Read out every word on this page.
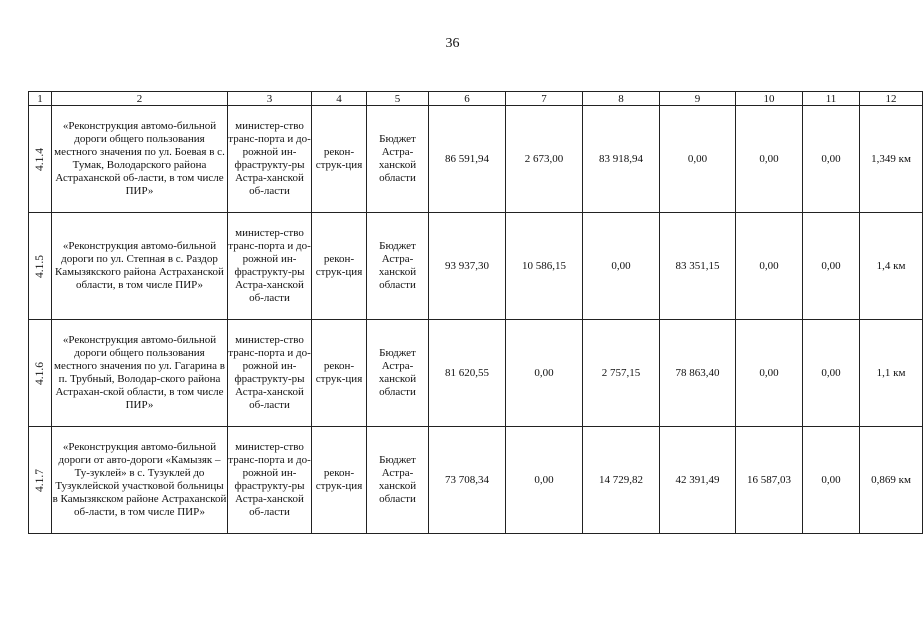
36
1	2	3	4	5	6	7	8	9	10	11	12
4.1.4	«Реконструкция автомо-бильной дороги общего пользования местного значения по ул. Боевая в с. Тумак, Володарского района Астраханской об-ласти, в том числе ПИР»	министер-ство транс-порта и до-рожной ин-фраструкту-ры Астра-ханской об-ласти	рекон-струк-ция	Бюджет Астра-ханской области	86 591,94	2 673,00	83 918,94	0,00	0,00	0,00	1,349 км
4.1.5	«Реконструкция автомо-бильной дороги по ул. Степная в с. Раздор Камызякского района Астраханской области, в том числе ПИР»	министер-ство транс-порта и до-рожной ин-фраструкту-ры Астра-ханской об-ласти	рекон-струк-ция	Бюджет Астра-ханской области	93 937,30	10 586,15	0,00	83 351,15	0,00	0,00	1,4 км
4.1.6	«Реконструкция автомо-бильной дороги общего пользования местного значения по ул. Гагарина в п. Трубный, Володар-ского района Астрахан-ской области, в том числе ПИР»	министер-ство транс-порта и до-рожной ин-фраструкту-ры Астра-ханской об-ласти	рекон-струк-ция	Бюджет Астра-ханской области	81 620,55	0,00	2 757,15	78 863,40	0,00	0,00	1,1 км
4.1.7	«Реконструкция автомо-бильной дороги от авто-дороги «Камызяк – Ту-зуклей» в с. Тузуклей до Тузуклейской участковой больницы в Камызякском районе Астраханской об-ласти, в том числе ПИР»	министер-ство транс-порта и до-рожной ин-фраструкту-ры Астра-ханской об-ласти	рекон-струк-ция	Бюджет Астра-ханской области	73 708,34	0,00	14 729,82	42 391,49	16 587,03	0,00	0,869 км
